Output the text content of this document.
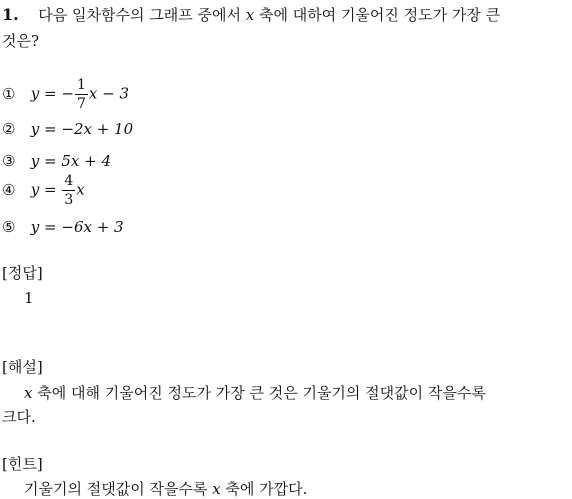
1. 다음 일차함수의 그래프 중에서 x 축에 대하여 기울어진 정도가 가장 큰
것은?
① y = − $\frac{1}{7}$ x − 3
② y = −2x + 10
③ y = 5x + 4
④ $y = \frac{4}{3}$ x
⑤ y = −6x + 3
[정답]
1
[해설]
x 축에 대해 기울어진 정도가 가장 큰 것은 기울기의 절댓값이 작을수록
크다.
[힌트]
기울기의 절댓값이 작을수록 x 축에 가깝다.
